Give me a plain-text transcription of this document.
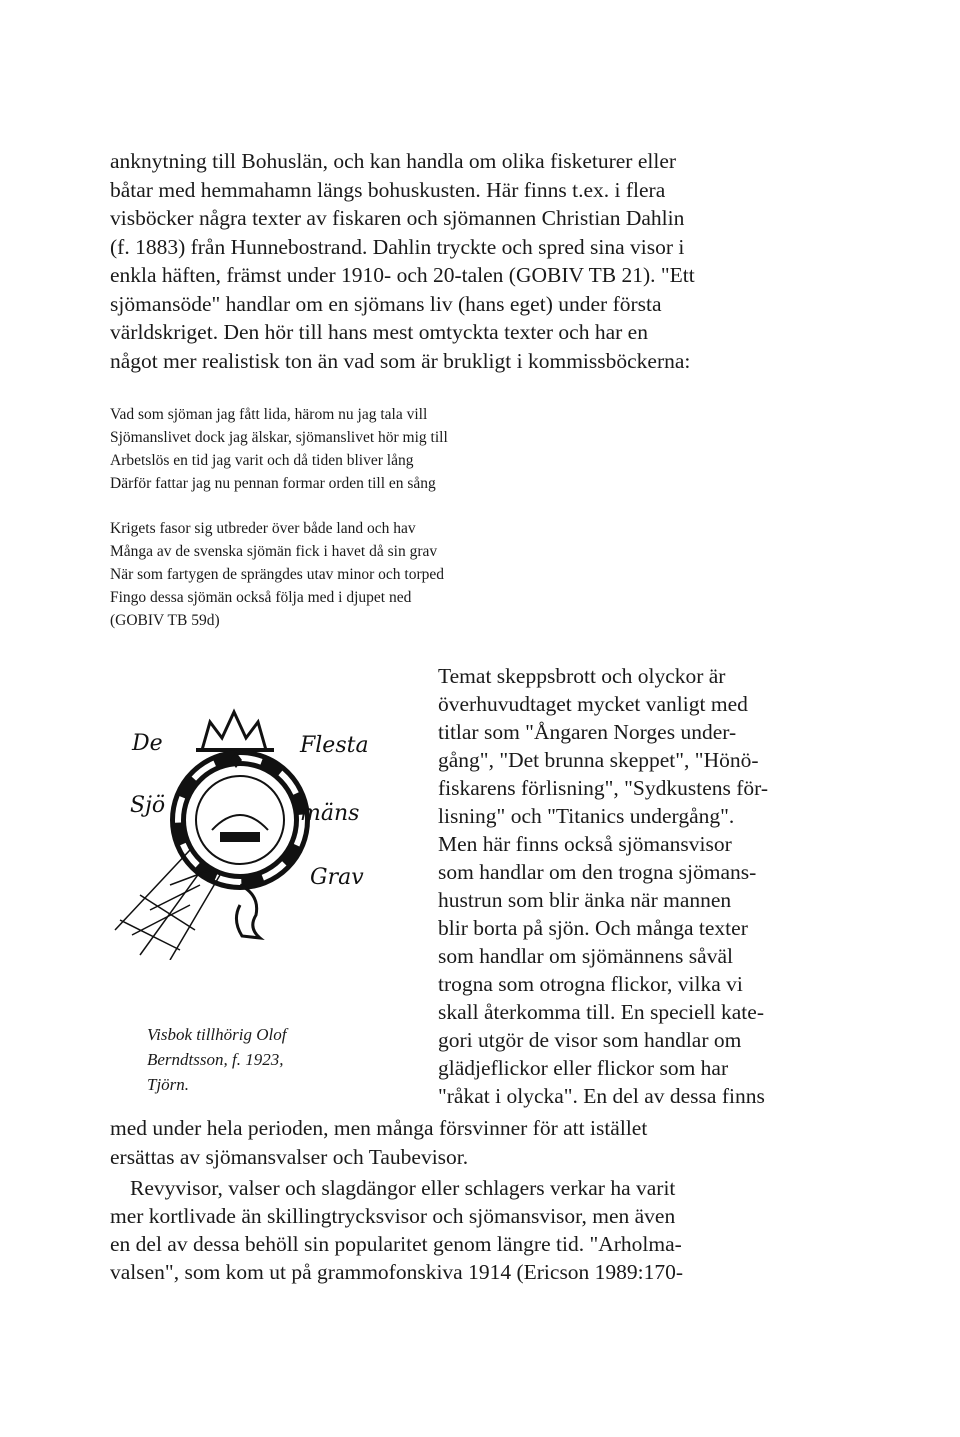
anknytning till Bohuslän, och kan handla om olika fisketurer eller
båtar med hemmahamn längs bohuskusten. Här finns t.ex. i flera
visböcker några texter av fiskaren och sjömannen Christian Dahlin
(f. 1883) från Hunnebostrand. Dahlin tryckte och spred sina visor i
enkla häften, främst under 1910- och 20-talen (GOBIV TB 21). "Ett
sjömansöde" handlar om en sjömans liv (hans eget) under första
världskriget. Den hör till hans mest omtyckta texter och har en
något mer realistisk ton än vad som är brukligt i kommissböckerna:
Vad som sjöman jag fått lida, härom nu jag tala vill
Sjömanslivet dock jag älskar, sjömanslivet hör mig till
Arbetslös en tid jag varit och då tiden bliver lång
Därför fattar jag nu pennan formar orden till en sång
Krigets fasor sig utbreder över både land och hav
Många av de svenska sjömän fick i havet då sin grav
När som fartygen de sprängdes utav minor och torped
Fingo dessa sjömän också följa med i djupet ned
(GOBIV TB 59d)
De	Flesta
Sjö	mäns
Grav
Temat skeppsbrott och olyckor är
överhuvudtaget mycket vanligt med
titlar som "Ångaren Norges under-
gång", "Det brunna skeppet", "Hönö-
fiskarens förlisning", "Sydkustens för-
lisning" och "Titanics undergång".
Men här finns också sjömansvisor
som handlar om den trogna sjömans-
hustrun som blir änka när mannen
blir borta på sjön. Och många texter
som handlar om sjömännens såväl
trogna som otrogna flickor, vilka vi
skall återkomma till. En speciell kate-
gori utgör de visor som handlar om
glädjeflickor eller flickor som har
"råkat i olycka". En del av dessa finns
Visbok tillhörig Olof
Berndtsson, f. 1923,
Tjörn.
med under hela perioden, men många försvinner för att istället
ersättas av sjömansvalser och Taubevisor.
Revyvisor, valser och slagdängor eller schlagers verkar ha varit
mer kortlivade än skillingtrycksvisor och sjömansvisor, men även
en del av dessa behöll sin popularitet genom längre tid. "Arholma-
valsen", som kom ut på grammofonskiva 1914 (Ericson 1989:170-
